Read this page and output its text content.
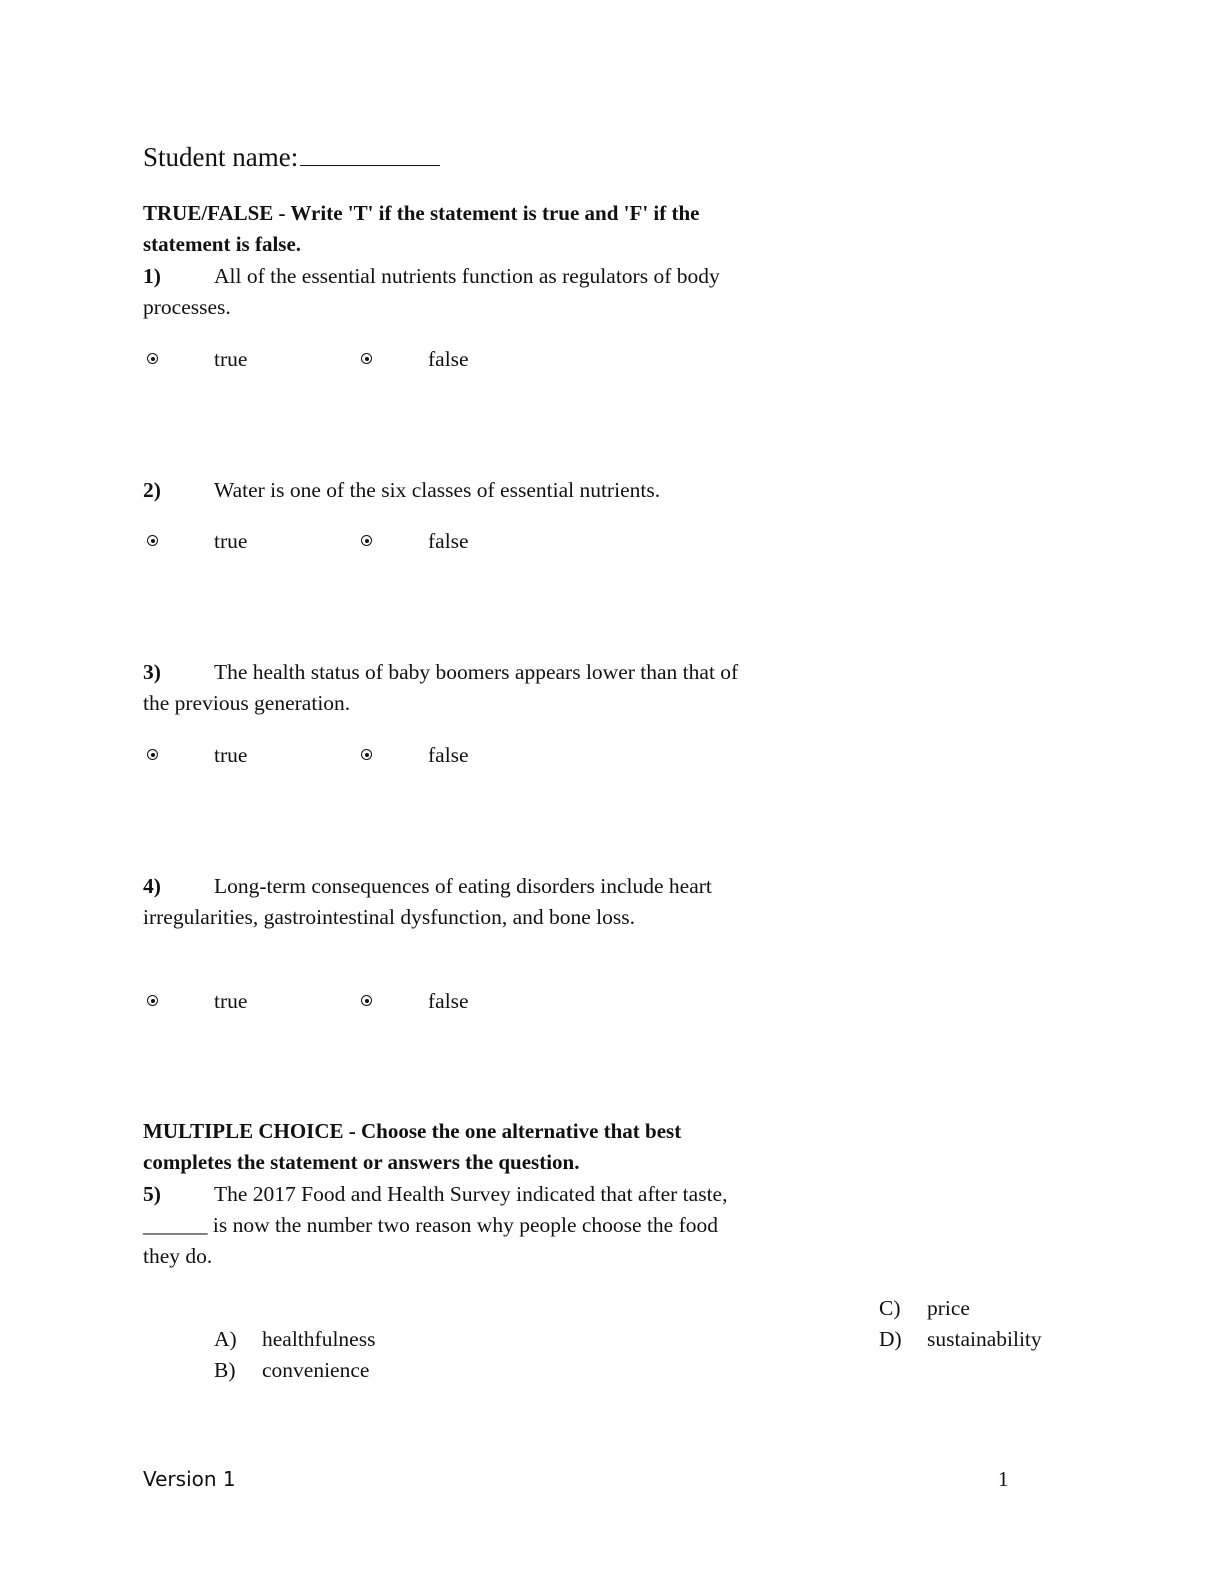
Student name:
TRUE/FALSE - Write 'T' if the statement is true and 'F' if the statement is false.
1) All of the essential nutrients function as regulators of body processes.
true	false
2) Water is one of the six classes of essential nutrients.
true	false
3) The health status of baby boomers appears lower than that of the previous generation.
true	false
4) Long-term consequences of eating disorders include heart irregularities, gastrointestinal dysfunction, and bone loss.
true	false
MULTIPLE CHOICE - Choose the one alternative that best completes the statement or answers the question.
5) The 2017 Food and Health Survey indicated that after taste, ______ is now the number two reason why people choose the food they do.
A) healthfulness
B) convenience
C) price
D) sustainability
Version 1	1
